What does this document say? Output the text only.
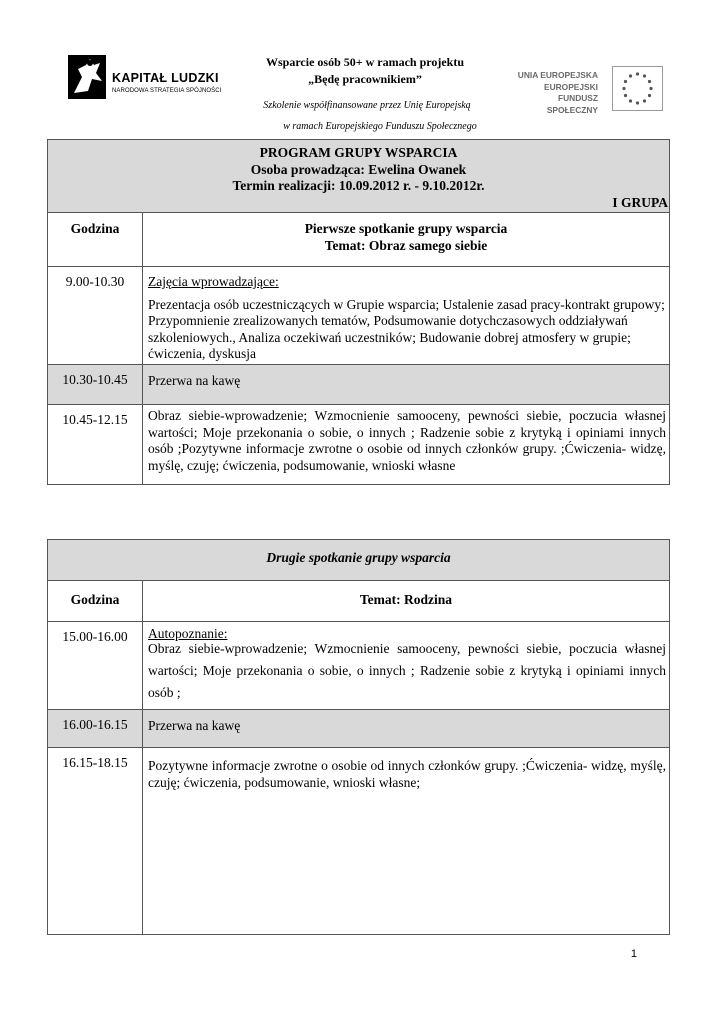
KAPITAŁ LUDZKI
NARODOWA STRATEGIA SPÓJNOŚCI
Wsparcie osób 50+ w ramach projektu
„Będę pracownikiem”
Szkolenie współfinansowane przez Unię Europejską
w ramach Europejskiego Funduszu Społecznego
UNIA EUROPEJSKA
EUROPEJSKI
FUNDUSZ SPOŁECZNY
PROGRAM GRUPY WSPARCIA
Osoba prowadząca: Ewelina Owanek
Termin realizacji: 10.09.2012 r. - 9.10.2012r.
I GRUPA	

Godzina	Pierwsze spotkanie grupy wsparcia
Temat: Obraz samego siebie

9.00-10.30	Zajęcia wprowadzające:
Prezentacja osób uczestniczących w Grupie wsparcia; Ustalenie zasad pracy-kontrakt grupowy; Przypomnienie zrealizowanych tematów, Podsumowanie dotychczasowych oddziaływań szkoleniowych., Analiza oczekiwań uczestników; Budowanie dobrej atmosfery w grupie; ćwiczenia, dyskusja

10.30-10.45	Przerwa na kawę
10.45-12.15	Obraz siebie-wprowadzenie; Wzmocnienie samooceny, pewności siebie, poczucia własnej wartości; Moje przekonania o sobie, o innych ; Radzenie sobie z krytyką i opiniami innych osób ;Pozytywne informacje zwrotne o osobie od innych członków grupy. ;Ćwiczenia- widzę, myślę, czuję; ćwiczenia, podsumowanie, wnioski własne
Drugie spotkanie grupy wsparcia	
Godzina	Temat: Rodzina
15.00-16.00	Autopoznanie:
Obraz siebie-wprowadzenie; Wzmocnienie samooceny, pewności siebie, poczucia własnej wartości; Moje przekonania o sobie, o innych ; Radzenie sobie z krytyką i opiniami innych osób ;

16.00-16.15	Przerwa na kawę
16.15-18.15	Pozytywne informacje zwrotne o osobie od innych członków grupy. ;Ćwiczenia- widzę, myślę, czuję; ćwiczenia, podsumowanie, wnioski własne;
1
